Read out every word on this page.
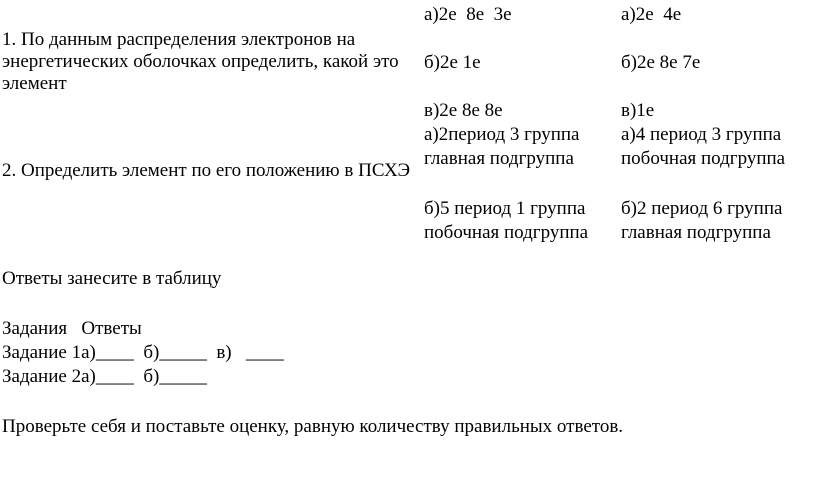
1. По данным распределения электронов на энергетических оболочках определить, какой это элемент
2. Определить элемент по его положению в ПСХЭ
а)2е  8е  3е
б)2е 1е
в)2е 8е 8е
а)2период 3 группа
главная подгруппа
б)5 период 1 группа
побочная подгруппа
а)2е  4е
б)2е 8е 7е
в)1е
а)4 период 3 группа
побочная подгруппа
б)2 период 6 группа
главная подгруппа
Ответы занесите в таблицу
Задания   Ответы
Задание 1а)____  б)_____  в)   ____
Задание 2а)____  б)_____
Проверьте себя и поставьте оценку, равную количеству правильных ответов.
